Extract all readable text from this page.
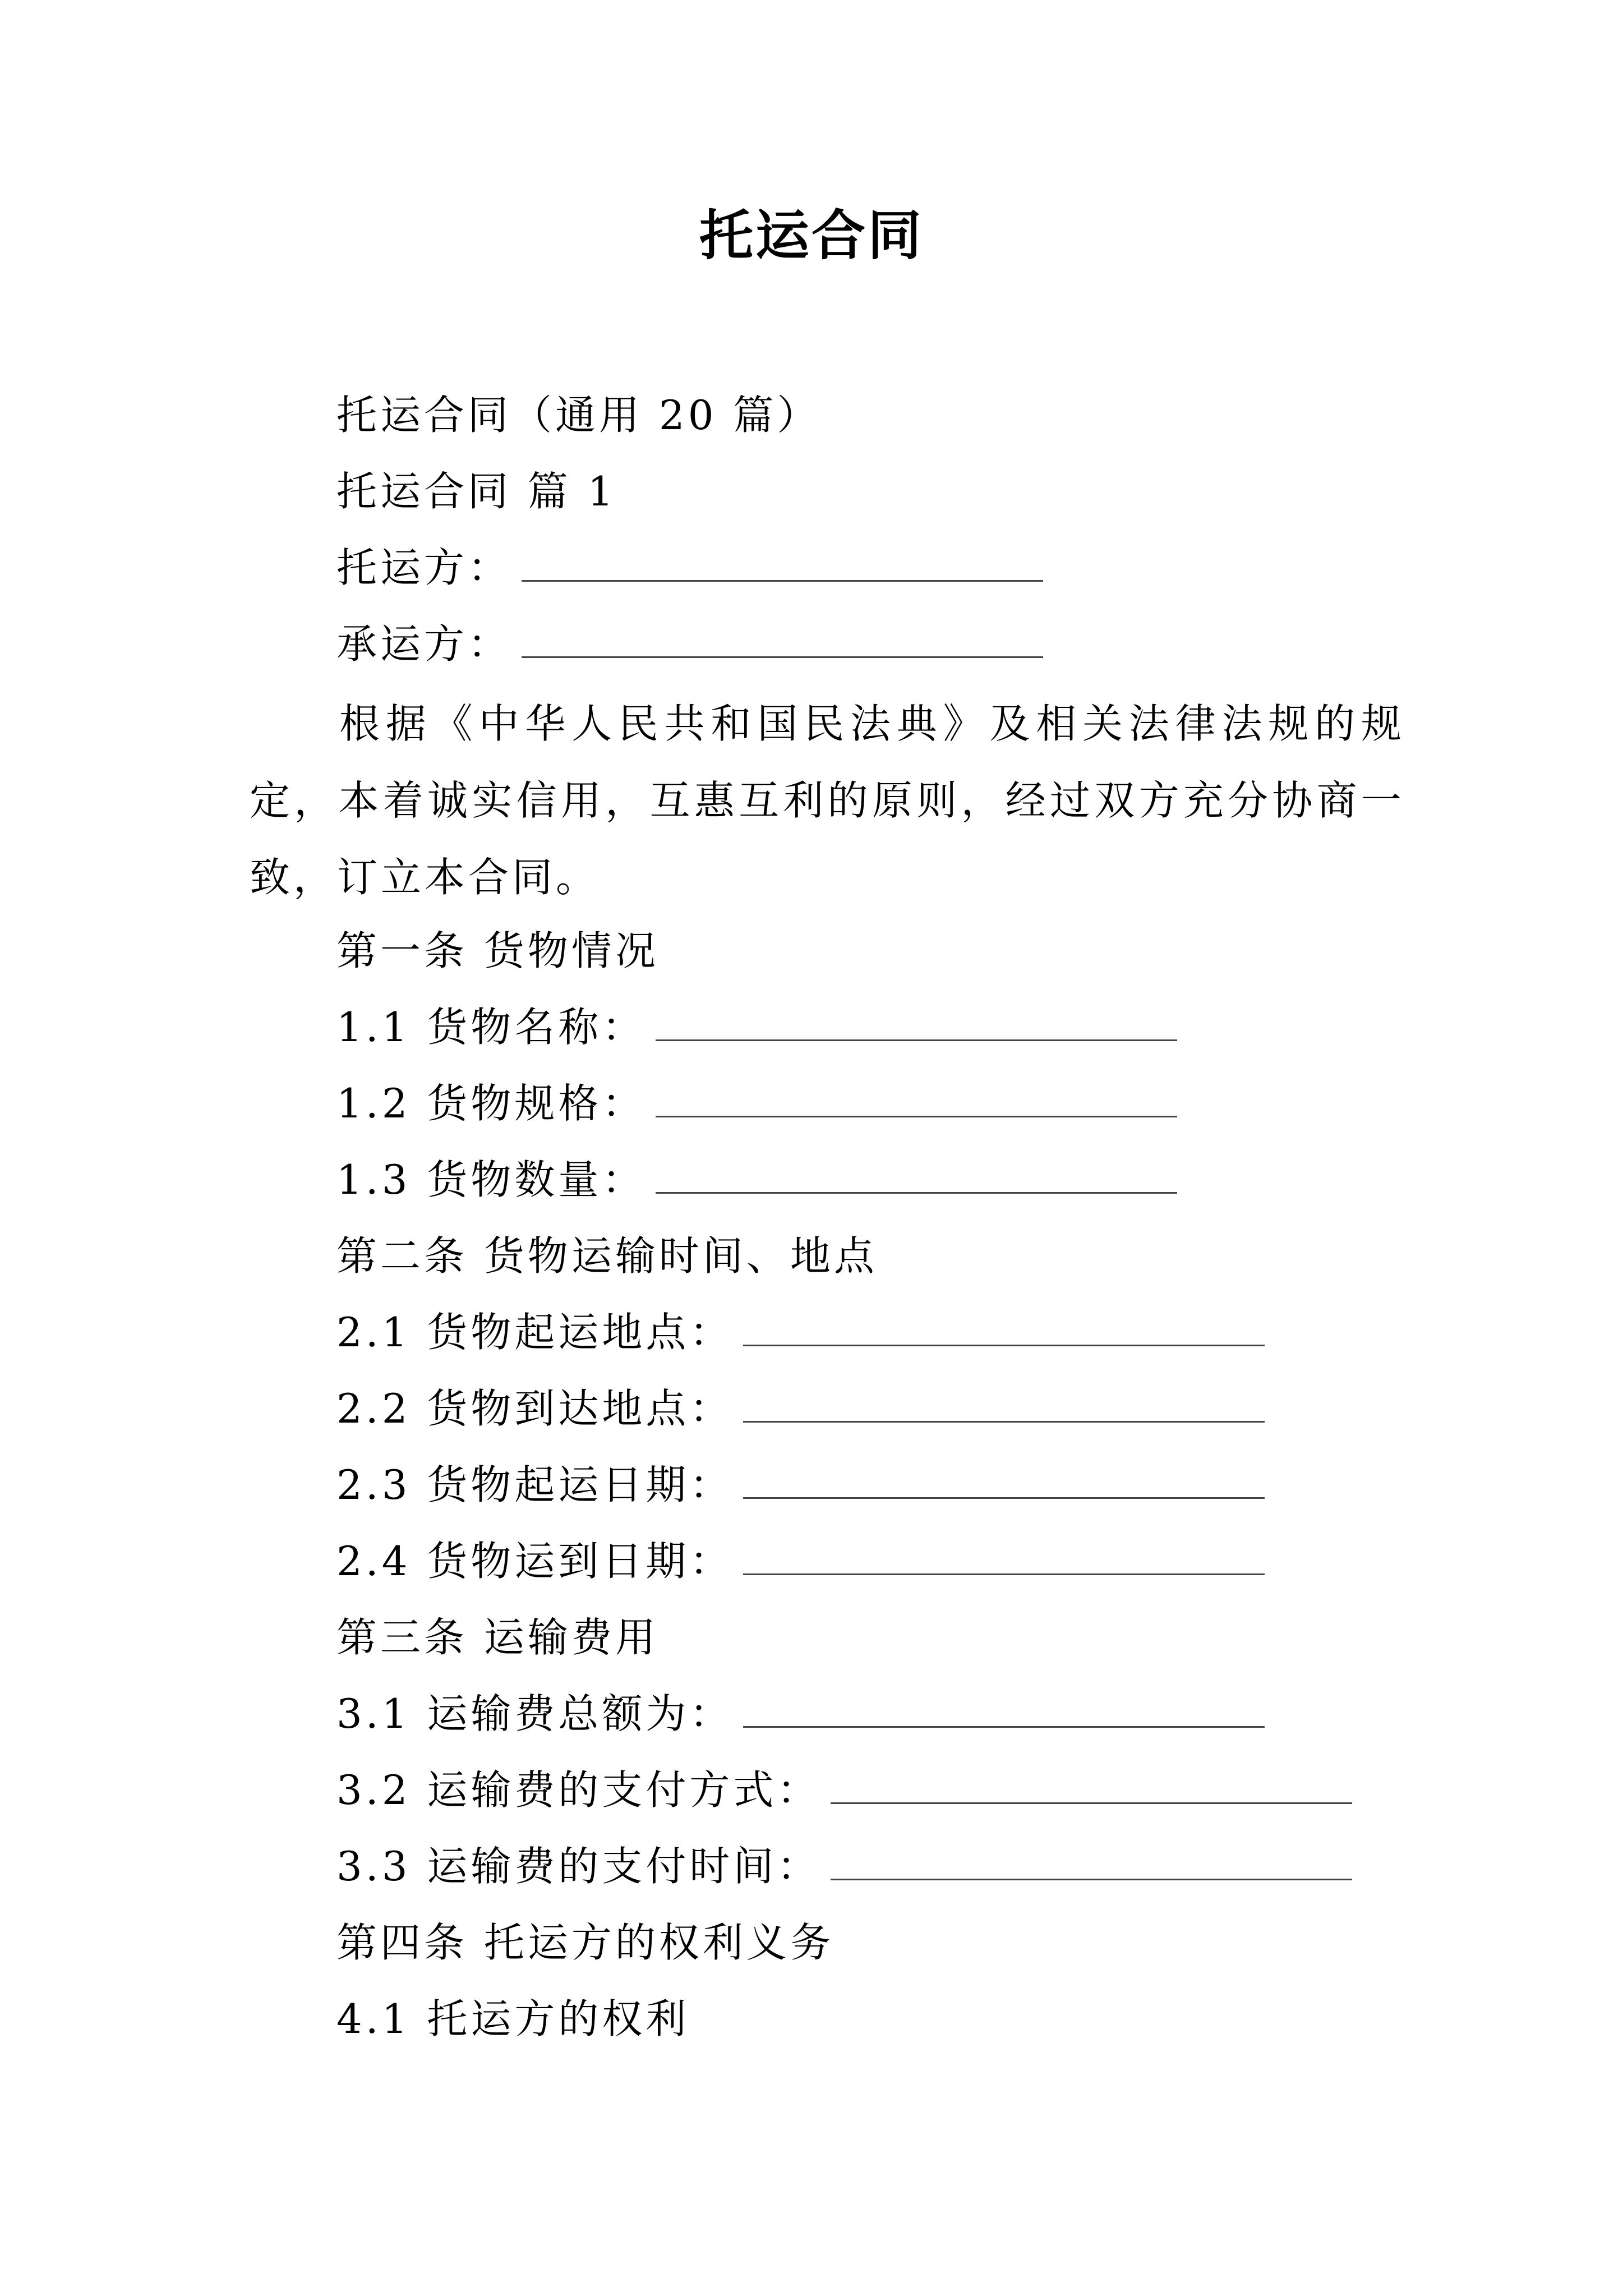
托运合同
托运合同（通用 20 篇）
托运合同 篇 1
托运方：
承运方：
根据《中华人民共和国民法典》及相关法律法规的规定，本着诚实信用，互惠互利的原则，经过双方充分协商一致，订立本合同。
第一条 货物情况
1.1 货物名称：
1.2 货物规格：
1.3 货物数量：
第二条 货物运输时间、地点
2.1 货物起运地点：
2.2 货物到达地点：
2.3 货物起运日期：
2.4 货物运到日期：
第三条 运输费用
3.1 运输费总额为：
3.2 运输费的支付方式：
3.3 运输费的支付时间：
第四条 托运方的权利义务
4.1 托运方的权利
